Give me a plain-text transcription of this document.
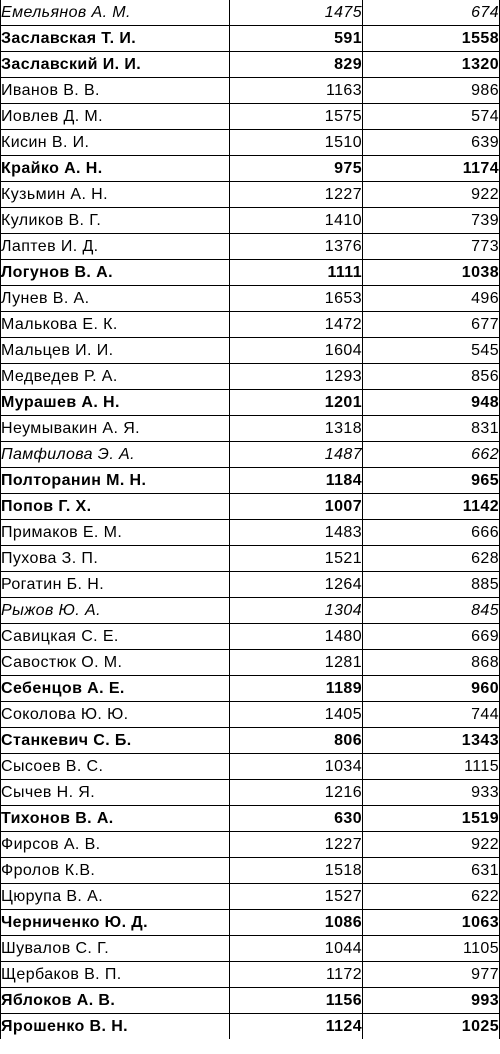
Емельянов А. М.	1475	674
Заславская Т. И.	591	1558
Заславский И. И.	829	1320
Иванов В. В.	1163	986
Иовлев Д. М.	1575	574
Кисин В. И.	1510	639
Крайко А. Н.	975	1174
Кузьмин А. Н.	1227	922
Куликов В. Г.	1410	739
Лаптев И. Д.	1376	773
Логунов В. А.	1111	1038
Лунев В. А.	1653	496
Малькова Е. К.	1472	677
Мальцев И. И.	1604	545
Медведев Р. А.	1293	856
Мурашев А. Н.	1201	948
Неумывакин А. Я.	1318	831
Памфилова Э. А.	1487	662
Полторанин М. Н.	1184	965
Попов Г. Х.	1007	1142
Примаков Е. М.	1483	666
Пухова З. П.	1521	628
Рогатин Б. Н.	1264	885
Рыжов Ю. А.	1304	845
Савицкая С. Е.	1480	669
Савостюк О. М.	1281	868
Себенцов А. Е.	1189	960
Соколова Ю. Ю.	1405	744
Станкевич С. Б.	806	1343
Сысоев В. С.	1034	1115
Сычев Н. Я.	1216	933
Тихонов В. А.	630	1519
Фирсов А. В.	1227	922
Фролов К.В.	1518	631
Цюрупа В. А.	1527	622
Черниченко Ю. Д.	1086	1063
Шувалов С. Г.	1044	1105
Щербаков В. П.	1172	977
Яблоков А. В.	1156	993
Ярошенко В. Н.	1124	1025
